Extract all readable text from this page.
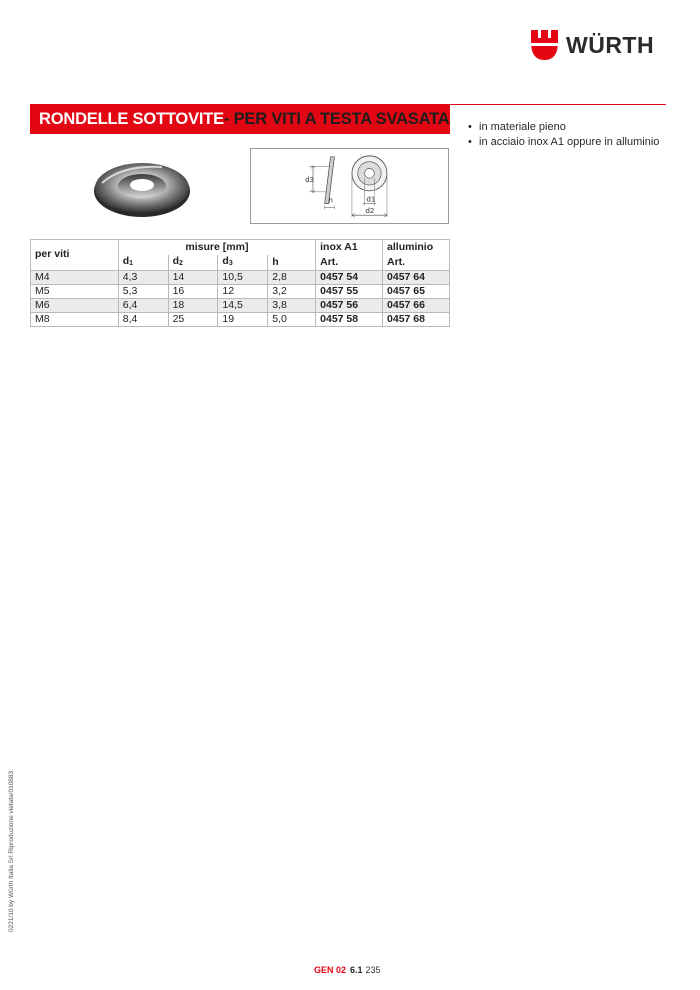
WÜRTH
RONDELLE SOTTOVITE - PER VITI A TESTA SVASATA	• in materiale pieno
• in acciaio inox A1 oppure in alluminio
d3
h	d1
d2
per viti	misure [mm]				inox A1	alluminio
	d1	d2	d3	h	Art.	Art.
M4	4,3	14	10,5	2,8	0457 54	0457 64
M5	5,3	16	12	3,2	0457 55	0457 65
M6	6,4	18	14,5	3,8	0457 56	0457 66
M8	8,4	25	19	5,0	0457 58	0457 68
0221/10 by Würth Italia Srl Riproduzione vietata/010883
GEN 02 6.1 235
